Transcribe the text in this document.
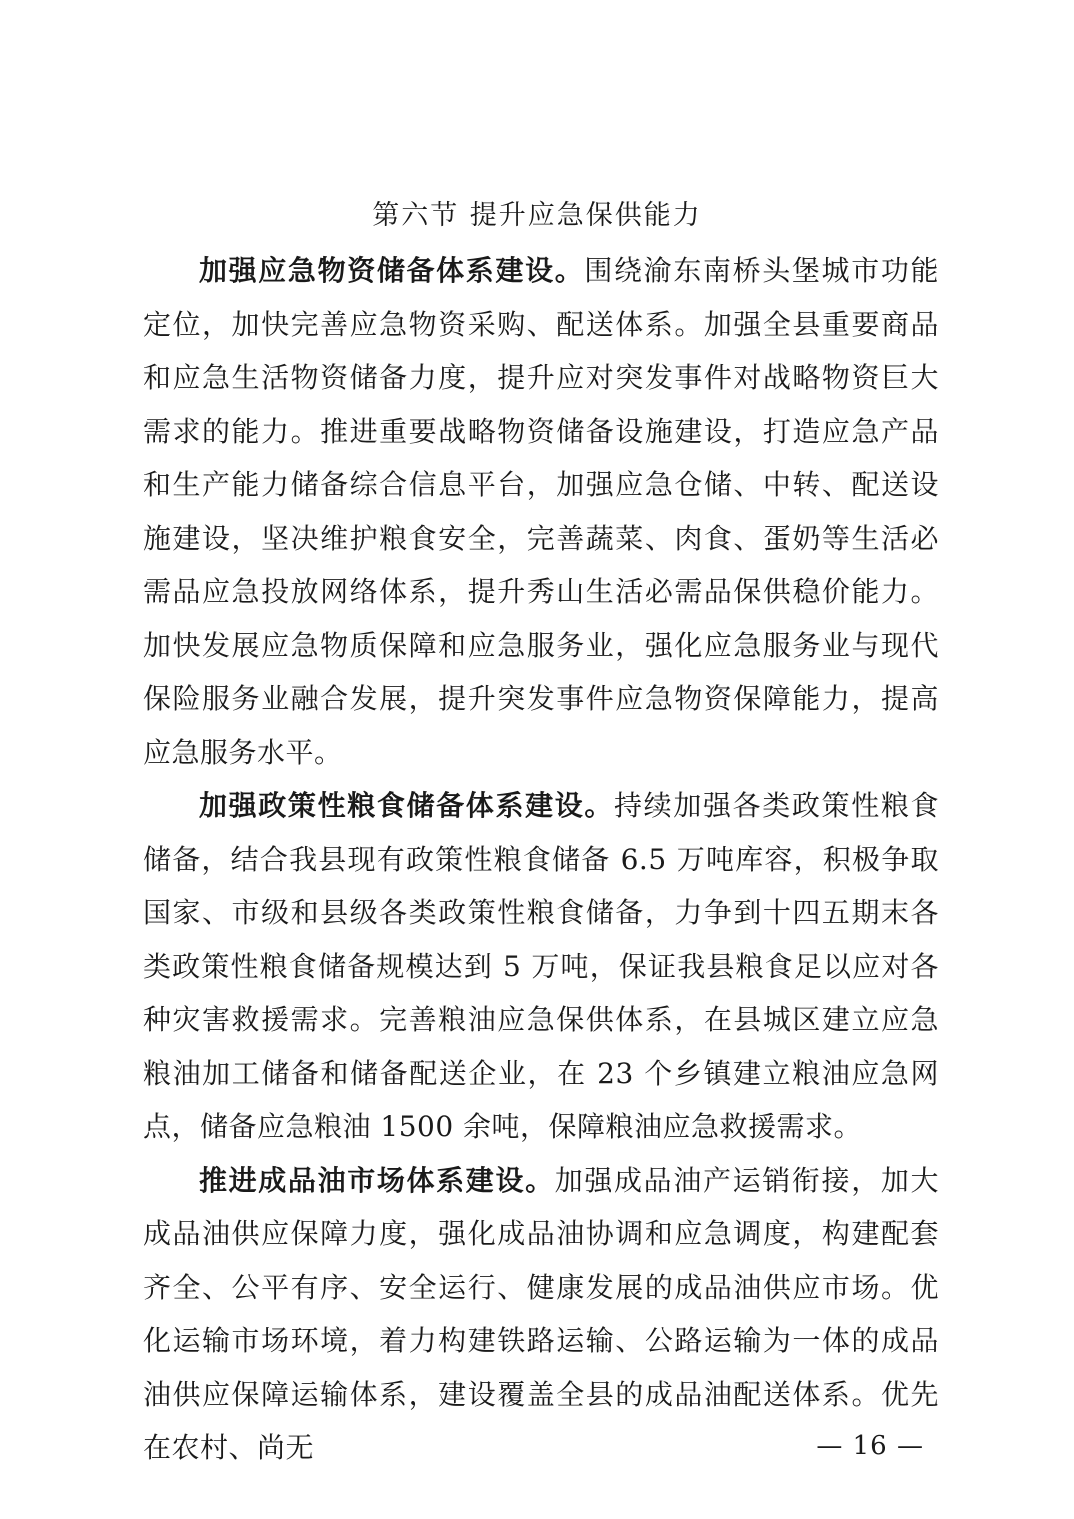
第六节 提升应急保供能力

加强应急物资储备体系建设。围绕渝东南桥头堡城市功能定位，加快完善应急物资采购、配送体系。加强全县重要商品和应急生活物资储备力度，提升应对突发事件对战略物资巨大需求的能力。推进重要战略物资储备设施建设，打造应急产品和生产能力储备综合信息平台，加强应急仓储、中转、配送设施建设，坚决维护粮食安全，完善蔬菜、肉食、蛋奶等生活必需品应急投放网络体系，提升秀山生活必需品保供稳价能力。加快发展应急物质保障和应急服务业，强化应急服务业与现代保险服务业融合发展，提升突发事件应急物资保障能力，提高应急服务水平。

加强政策性粮食储备体系建设。持续加强各类政策性粮食储备，结合我县现有政策性粮食储备 6.5 万吨库容，积极争取国家、市级和县级各类政策性粮食储备，力争到十四五期末各类政策性粮食储备规模达到 5 万吨，保证我县粮食足以应对各种灾害救援需求。完善粮油应急保供体系，在县城区建立应急粮油加工储备和储备配送企业，在 23 个乡镇建立粮油应急网点，储备应急粮油 1500 余吨，保障粮油应急救援需求。

推进成品油市场体系建设。加强成品油产运销衔接，加大成品油供应保障力度，强化成品油协调和应急调度，构建配套齐全、公平有序、安全运行、健康发展的成品油供应市场。优化运输市场环境，着力构建铁路运输、公路运输为一体的成品油供应保障运输体系，建设覆盖全县的成品油配送体系。优先在农村、尚无	— 16 —
